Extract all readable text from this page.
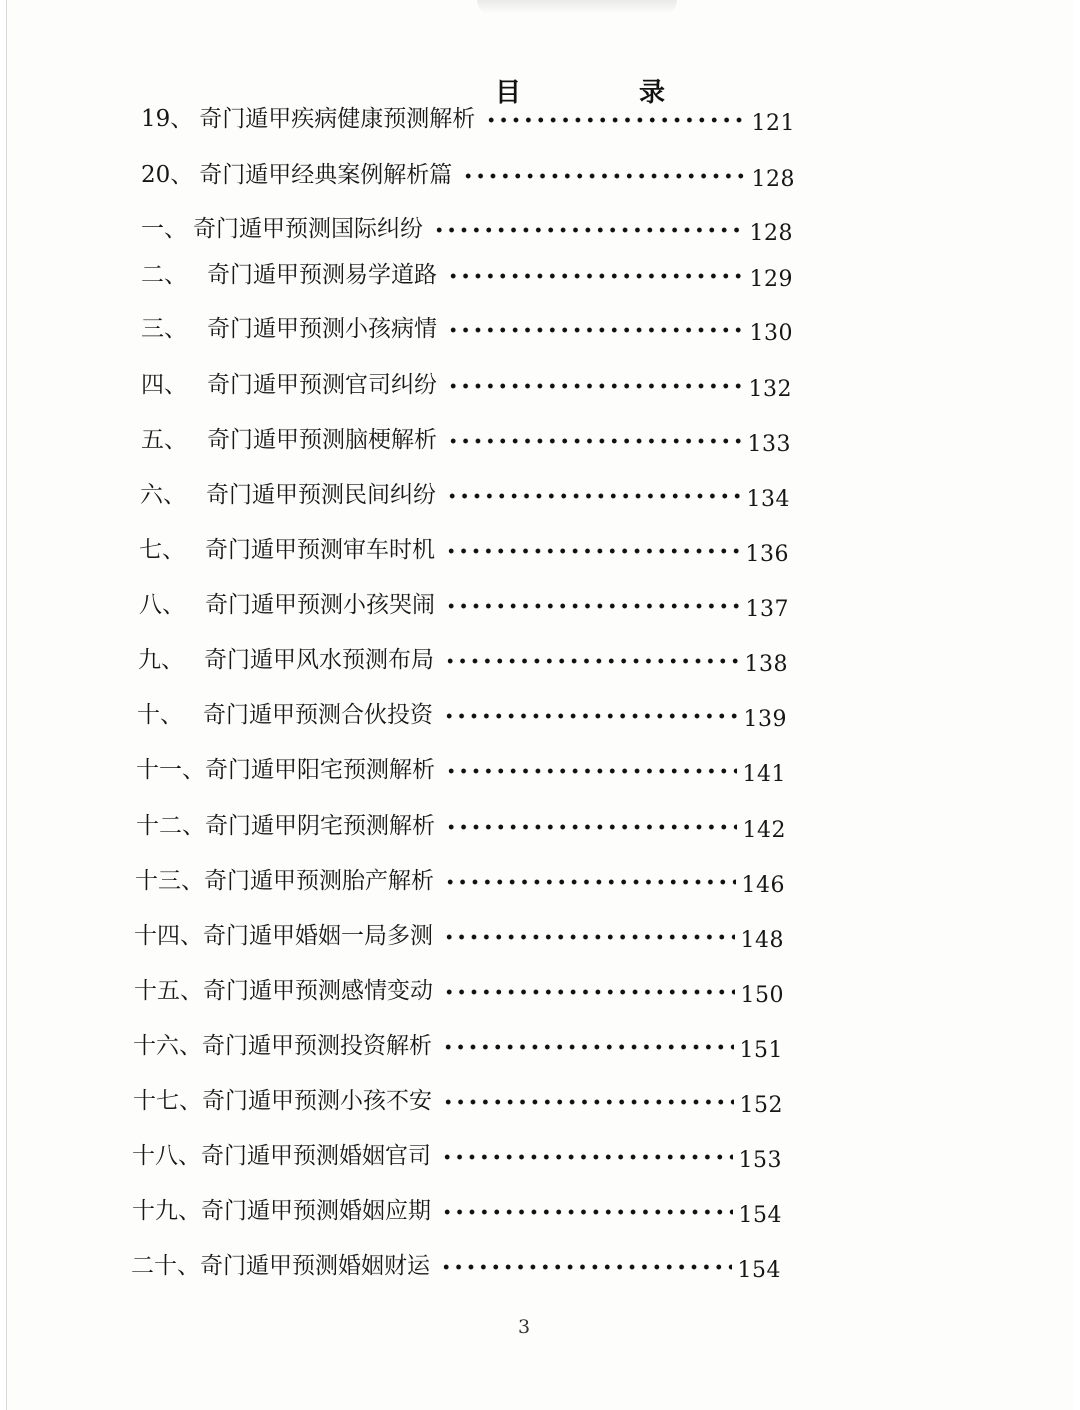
目　录
19、 奇门遁甲疾病健康预测解析	121
20、 奇门遁甲经典案例解析篇	128
一、 奇门遁甲预测国际纠纷	128
二、 奇门遁甲预测易学道路	129
三、 奇门遁甲预测小孩病情	130
四、 奇门遁甲预测官司纠纷	132
五、 奇门遁甲预测脑梗解析	133
六、 奇门遁甲预测民间纠纷	134
七、 奇门遁甲预测审车时机	136
八、 奇门遁甲预测小孩哭闹	137
九、 奇门遁甲风水预测布局	138
十、 奇门遁甲预测合伙投资	139
十一、 奇门遁甲阳宅预测解析	141
十二、 奇门遁甲阴宅预测解析	142
十三、 奇门遁甲预测胎产解析	146
十四、 奇门遁甲婚姻一局多测	148
十五、 奇门遁甲预测感情变动	150
十六、 奇门遁甲预测投资解析	151
十七、 奇门遁甲预测小孩不安	152
十八、 奇门遁甲预测婚姻官司	153
十九、 奇门遁甲预测婚姻应期	154
二十、 奇门遁甲预测婚姻财运	154
3
